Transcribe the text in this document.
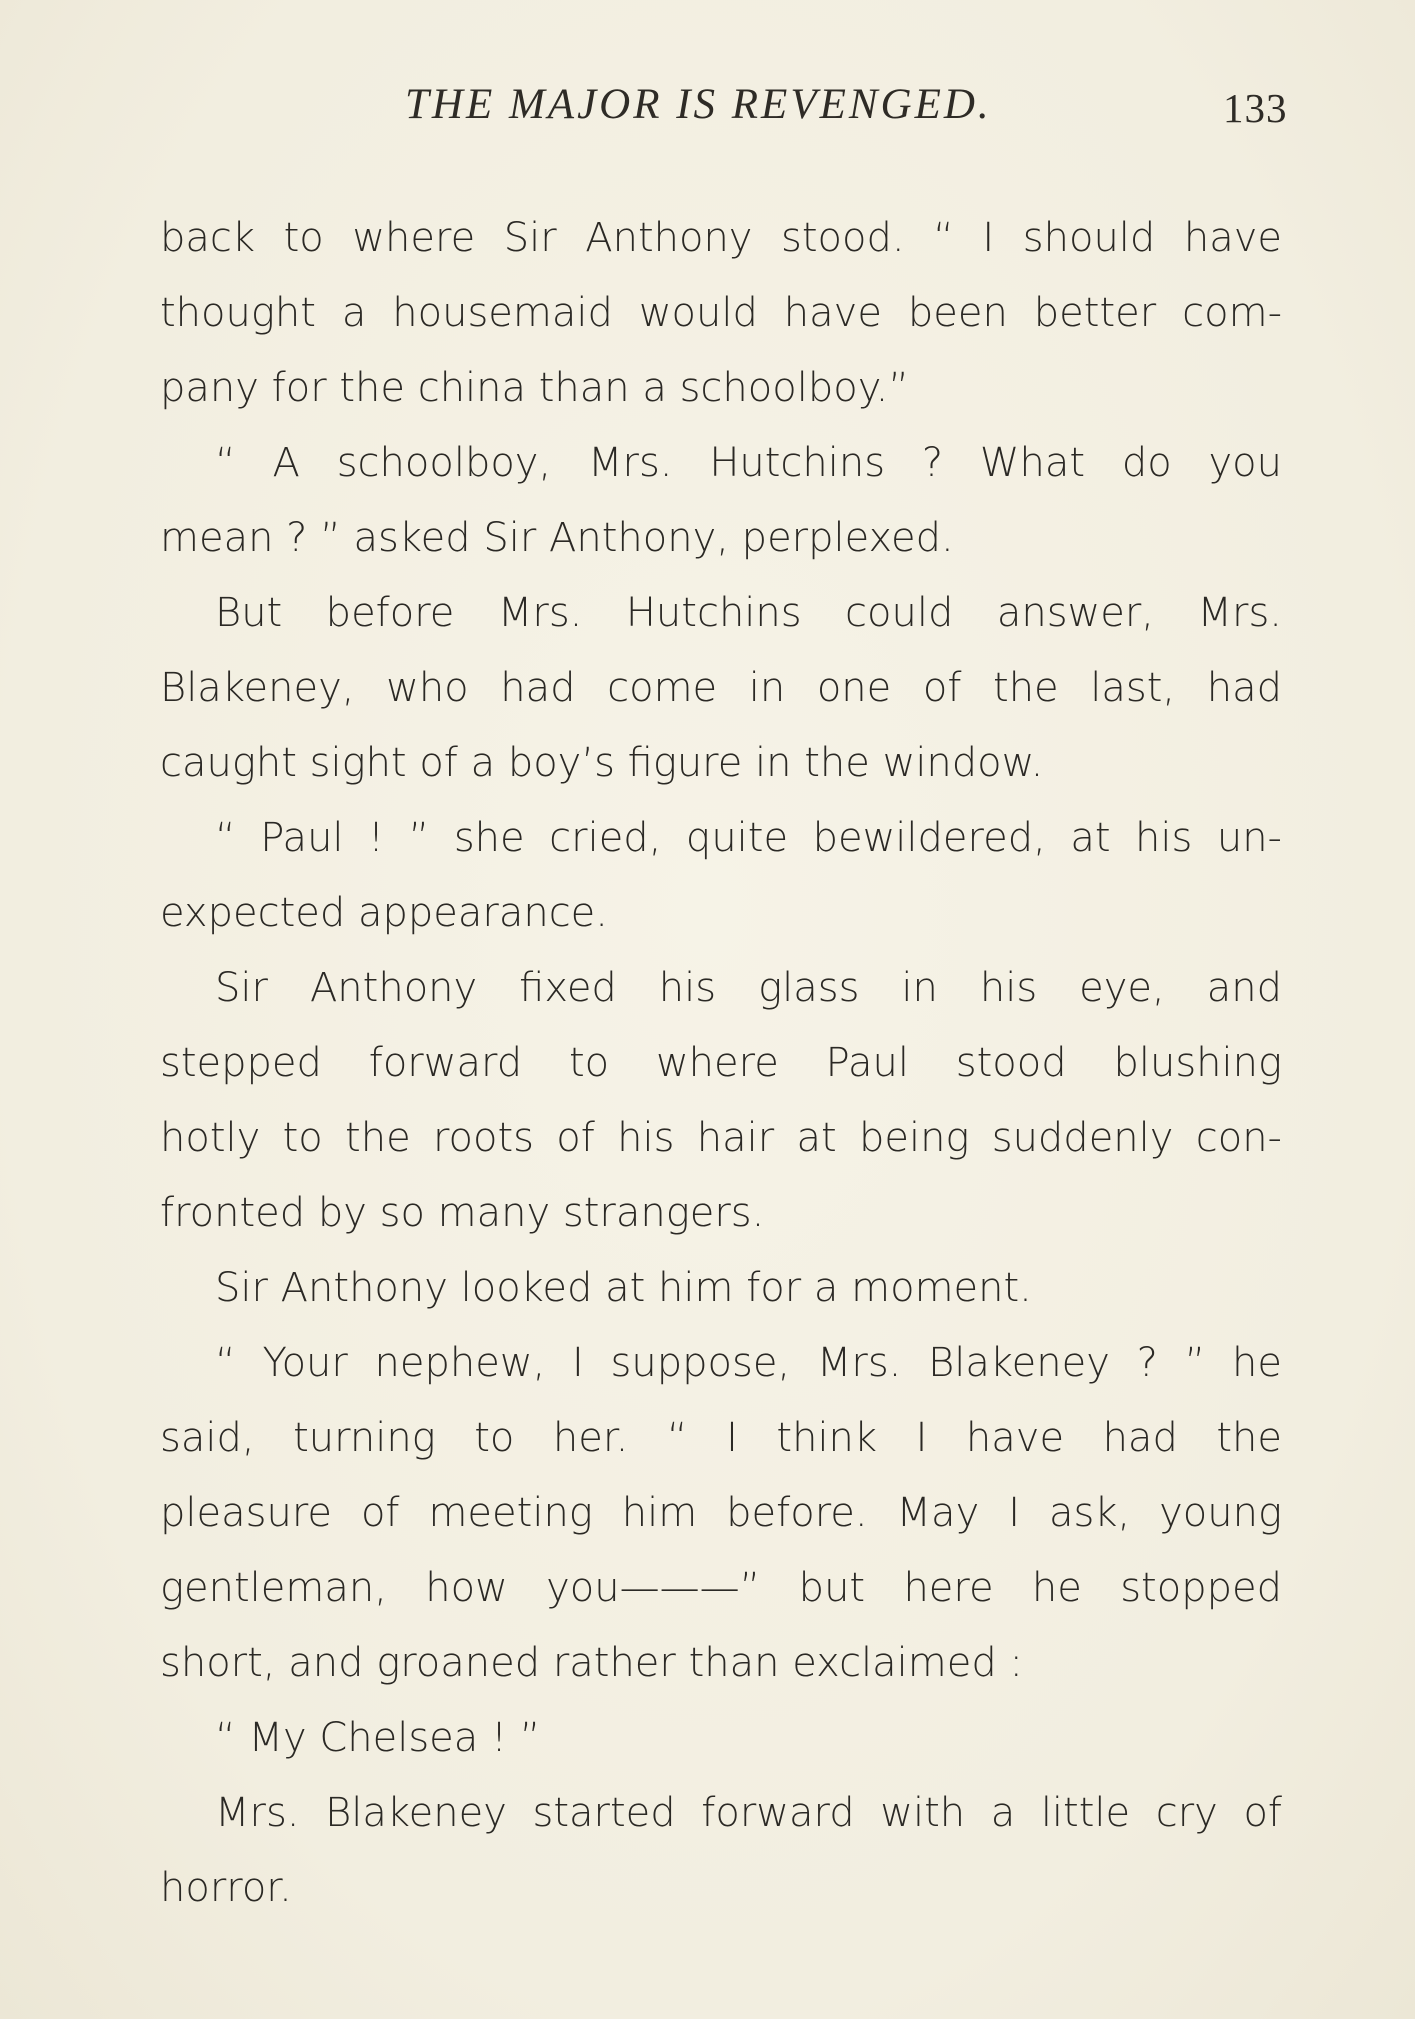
THE MAJOR IS REVENGED.	133
back to where Sir Anthony stood. “ I should have
thought a housemaid would have been better com-
pany for the china than a schoolboy.”
“ A schoolboy, Mrs. Hutchins ? What do you
mean ? ” asked Sir Anthony, perplexed.
But before Mrs. Hutchins could answer, Mrs.
Blakeney, who had come in one of the last, had
caught sight of a boy’s figure in the window.
“ Paul ! ” she cried, quite bewildered, at his un-
expected appearance.
Sir Anthony fixed his glass in his eye, and
stepped forward to where Paul stood blushing
hotly to the roots of his hair at being suddenly con-
fronted by so many strangers.
Sir Anthony looked at him for a moment.
“ Your nephew, I suppose, Mrs. Blakeney ? ” he
said, turning to her. “ I think I have had the
pleasure of meeting him before. May I ask, young
gentleman, how you———” but here he stopped
short, and groaned rather than exclaimed :
“ My Chelsea ! ”
Mrs. Blakeney started forward with a little cry of
horror.
